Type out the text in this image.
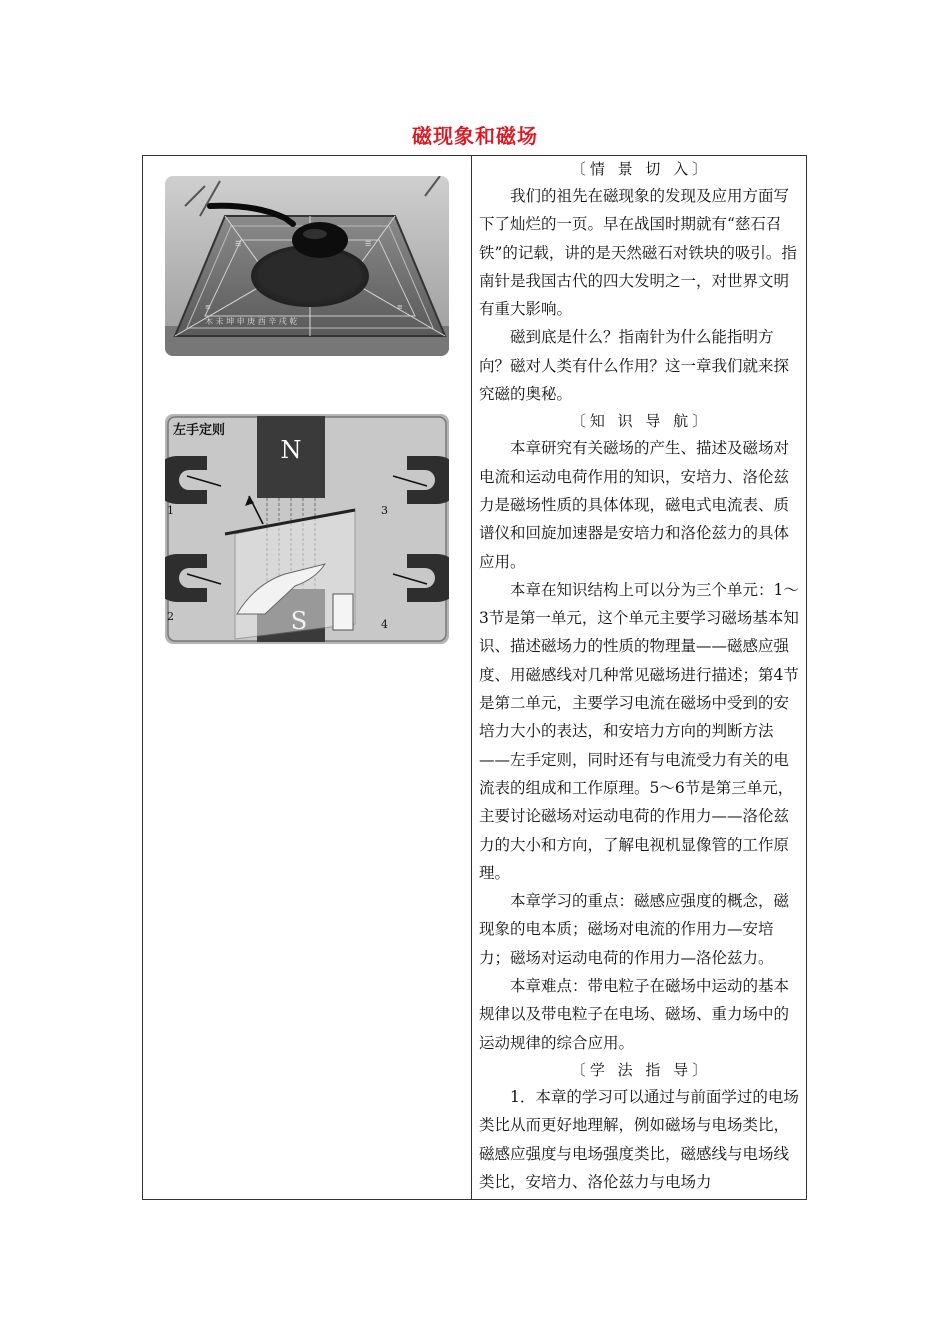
磁现象和磁场
≡	≡
☰	☰
木 未 坤 申 庚 酉 辛 戌 乾
N
左手定则
1
2
3
4

〔情 景 切 入〕

我们的祖先在磁现象的发现及应用方面写下了灿烂的一页。早在战国时期就有“慈石召铁”的记载，讲的是天然磁石对铁块的吸引。指南针是我国古代的四大发明之一，对世界文明有重大影响。

磁到底是什么？指南针为什么能指明方向？磁对人类有什么作用？这一章我们就来探究磁的奥秘。

〔知 识 导 航〕

本章研究有关磁场的产生、描述及磁场对电流和运动电荷作用的知识，安培力、洛伦兹力是磁场性质的具体体现，磁电式电流表、质谱仪和回旋加速器是安培力和洛伦兹力的具体应用。

本章在知识结构上可以分为三个单元：1～3节是第一单元，这个单元主要学习磁场基本知识、描述磁场力的性质的物理量——磁感应强度、用磁感线对几种常见磁场进行描述；第4节是第二单元，主要学习电流在磁场中受到的安培力大小的表达，和安培力方向的判断方法——左手定则，同时还有与电流受力有关的电流表的组成和工作原理。5～6节是第三单元，主要讨论磁场对运动电荷的作用力——洛伦兹力的大小和方向，了解电视机显像管的工作原理。

本章学习的重点：磁感应强度的概念，磁现象的电本质；磁场对电流的作用力—安培力；磁场对运动电荷的作用力—洛伦兹力。

本章难点：带电粒子在磁场中运动的基本规律以及带电粒子在电场、磁场、重力场中的运动规律的综合应用。

〔学 法 指 导〕

1．本章的学习可以通过与前面学过的电场类比从而更好地理解，例如磁场与电场类比，磁感应强度与电场强度类比，磁感线与电场线类比，安培力、洛伦兹力与电场力
